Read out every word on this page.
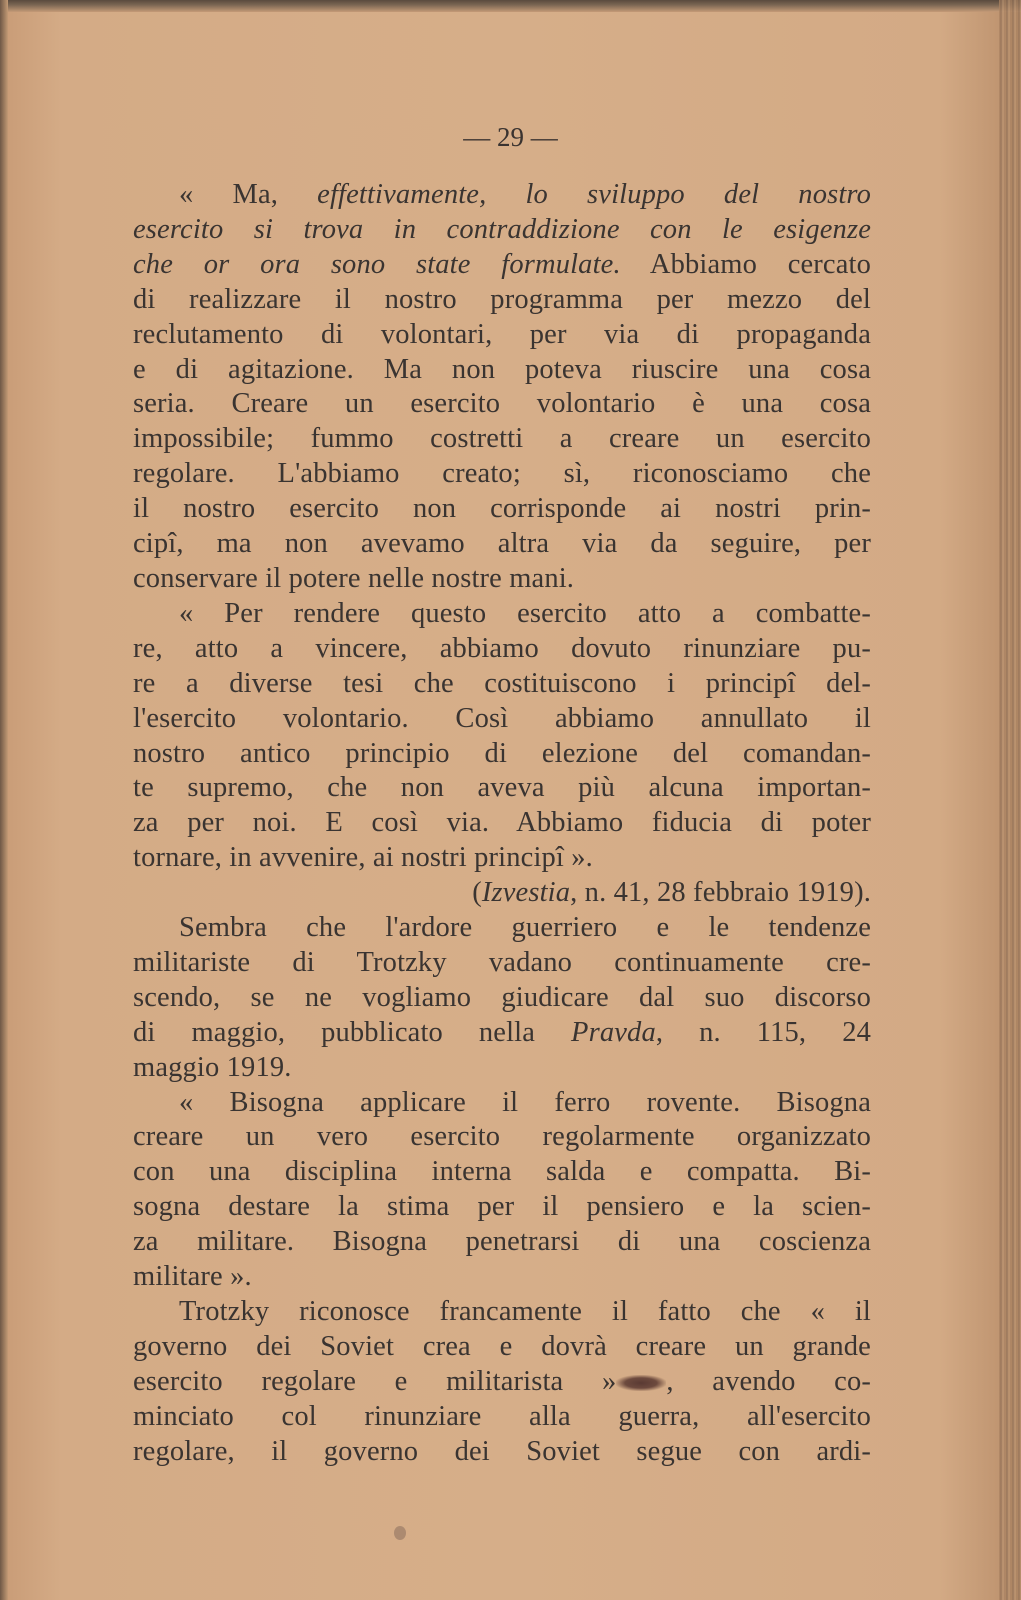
— 29 —
« Ma, effettivamente, lo sviluppo del nostro
esercito si trova in contraddizione con le esigenze
che or ora sono state formulate. Abbiamo cercato
di realizzare il nostro programma per mezzo del
reclutamento di volontari, per via di propaganda
e di agitazione. Ma non poteva riuscire una cosa
seria. Creare un esercito volontario è una cosa
impossibile; fummo costretti a creare un esercito
regolare. L'abbiamo creato; sì, riconosciamo che
il nostro esercito non corrisponde ai nostri prin-
cipî, ma non avevamo altra via da seguire, per
conservare il potere nelle nostre mani.
« Per rendere questo esercito atto a combatte-
re, atto a vincere, abbiamo dovuto rinunziare pu-
re a diverse tesi che costituiscono i principî del-
l'esercito volontario. Così abbiamo annullato il
nostro antico principio di elezione del comandan-
te supremo, che non aveva più alcuna importan-
za per noi. E così via. Abbiamo fiducia di poter
tornare, in avvenire, ai nostri principî ».
(Izvestia, n. 41, 28 febbraio 1919).
Sembra che l'ardore guerriero e le tendenze
militariste di Trotzky vadano continuamente cre-
scendo, se ne vogliamo giudicare dal suo discorso
di maggio, pubblicato nella Pravda, n. 115, 24
maggio 1919.
« Bisogna applicare il ferro rovente. Bisogna
creare un vero esercito regolarmente organizzato
con una disciplina interna salda e compatta. Bi-
sogna destare la stima per il pensiero e la scien-
za militare. Bisogna penetrarsi di una coscienza
militare ».
Trotzky riconosce francamente il fatto che « il
governo dei Soviet crea e dovrà creare un grande
esercito regolare e militarista » , avendo co-
minciato col rinunziare alla guerra, all'esercito
regolare, il governo dei Soviet segue con ardi-
